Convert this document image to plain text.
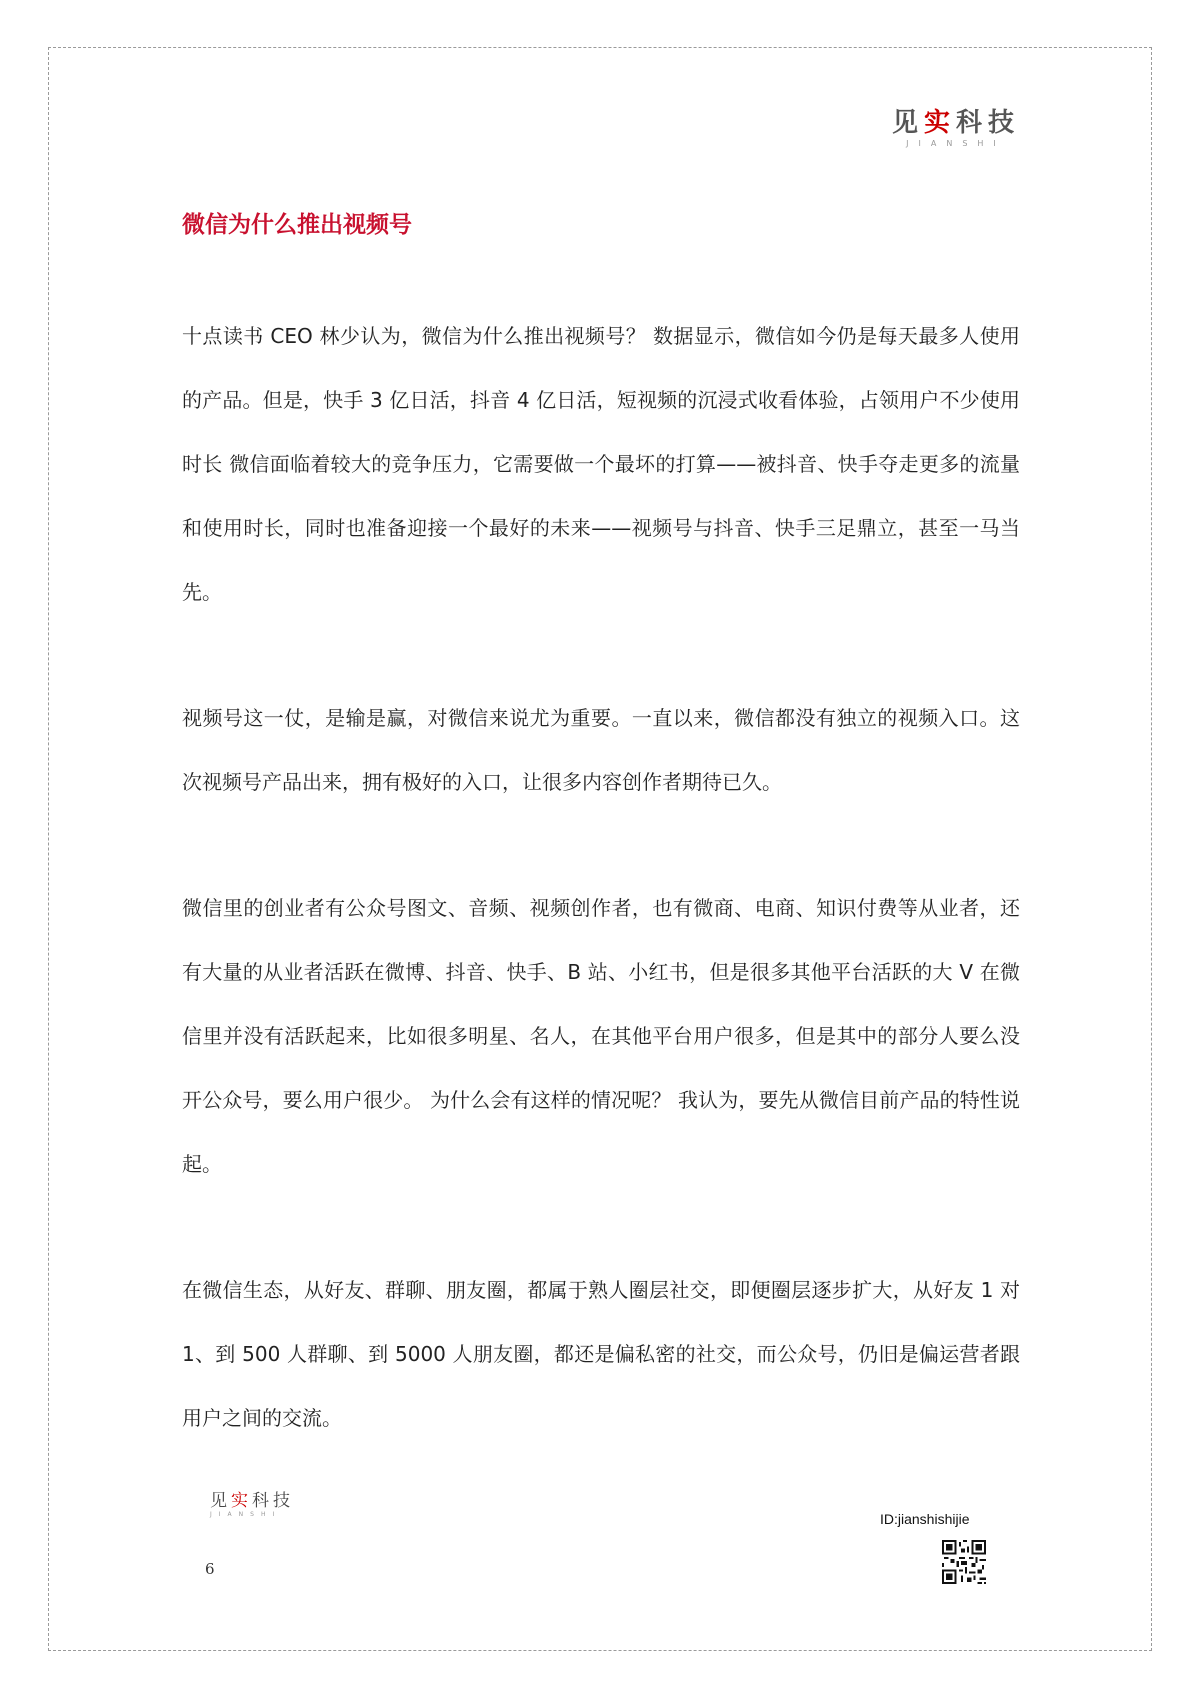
见实科技
JIANSHI
微信为什么推出视频号

十点读书 CEO 林少认为，微信为什么推出视频号？ 数据显示，微信如今仍是每天最多人使用的产品。但是，快手 3 亿日活，抖音 4 亿日活，短视频的沉浸式收看体验，占领用户不少使用时长 微信面临着较大的竞争压力，它需要做一个最坏的打算——被抖音、快手夺走更多的流量和使用时长，同时也准备迎接一个最好的未来——视频号与抖音、快手三足鼎立，甚至一马当先。

视频号这一仗，是输是赢，对微信来说尤为重要。一直以来，微信都没有独立的视频入口。这次视频号产品出来，拥有极好的入口，让很多内容创作者期待已久。

微信里的创业者有公众号图文、音频、视频创作者，也有微商、电商、知识付费等从业者，还有大量的从业者活跃在微博、抖音、快手、B 站、小红书，但是很多其他平台活跃的大 V 在微信里并没有活跃起来，比如很多明星、名人，在其他平台用户很多，但是其中的部分人要么没开公众号，要么用户很少。 为什么会有这样的情况呢？ 我认为，要先从微信目前产品的特性说起。

在微信生态，从好友、群聊、朋友圈，都属于熟人圈层社交，即便圈层逐步扩大，从好友 1 对 1、到 500 人群聊、到 5000 人朋友圈，都还是偏私密的社交，而公众号，仍旧是偏运营者跟用户之间的交流。

见实科技
JIANSHI
6
ID:jianshishijie
